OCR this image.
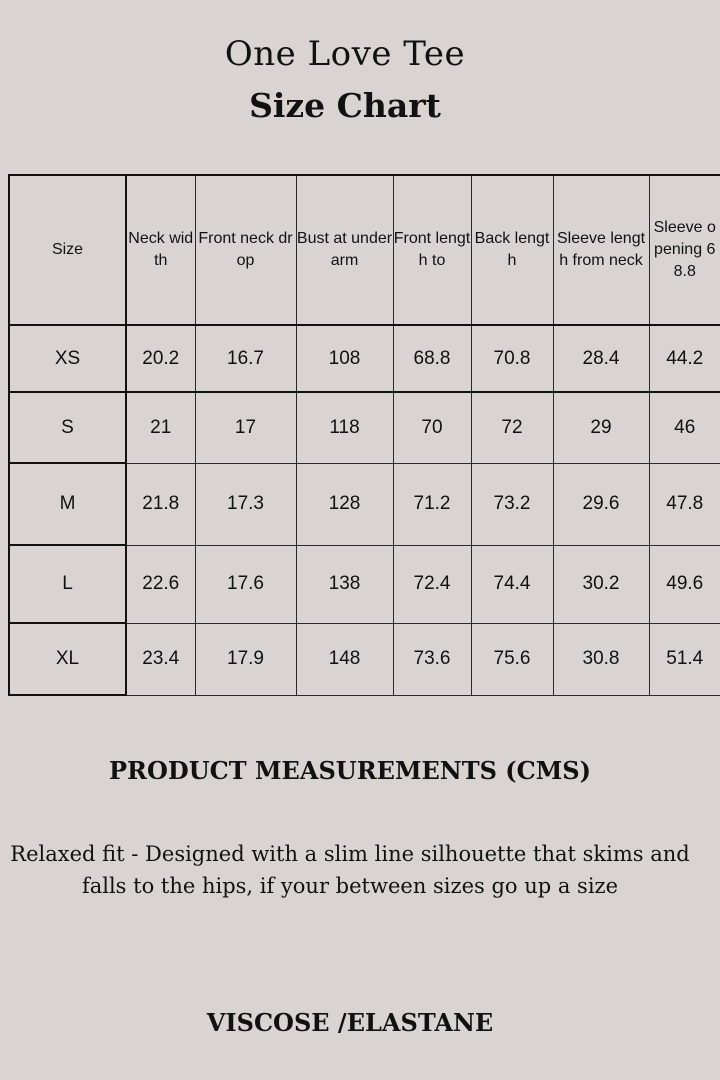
One Love Tee
Size Chart
Size	Neck width	Front neck drop	Bust at under arm	Front length to	Back length	Sleeve length from neck	Sleeve opening 68.8
XS	20.2	16.7	108	68.8	70.8	28.4	44.2
S	21	17	118	70	72	29	46
M	21.8	17.3	128	71.2	73.2	29.6	47.8
L	22.6	17.6	138	72.4	74.4	30.2	49.6
XL	23.4	17.9	148	73.6	75.6	30.8	51.4
PRODUCT MEASUREMENTS (CMS)
Relaxed fit - Designed with a slim line silhouette that skims and falls to the hips, if your between sizes go up a size
VISCOSE /ELASTANE
